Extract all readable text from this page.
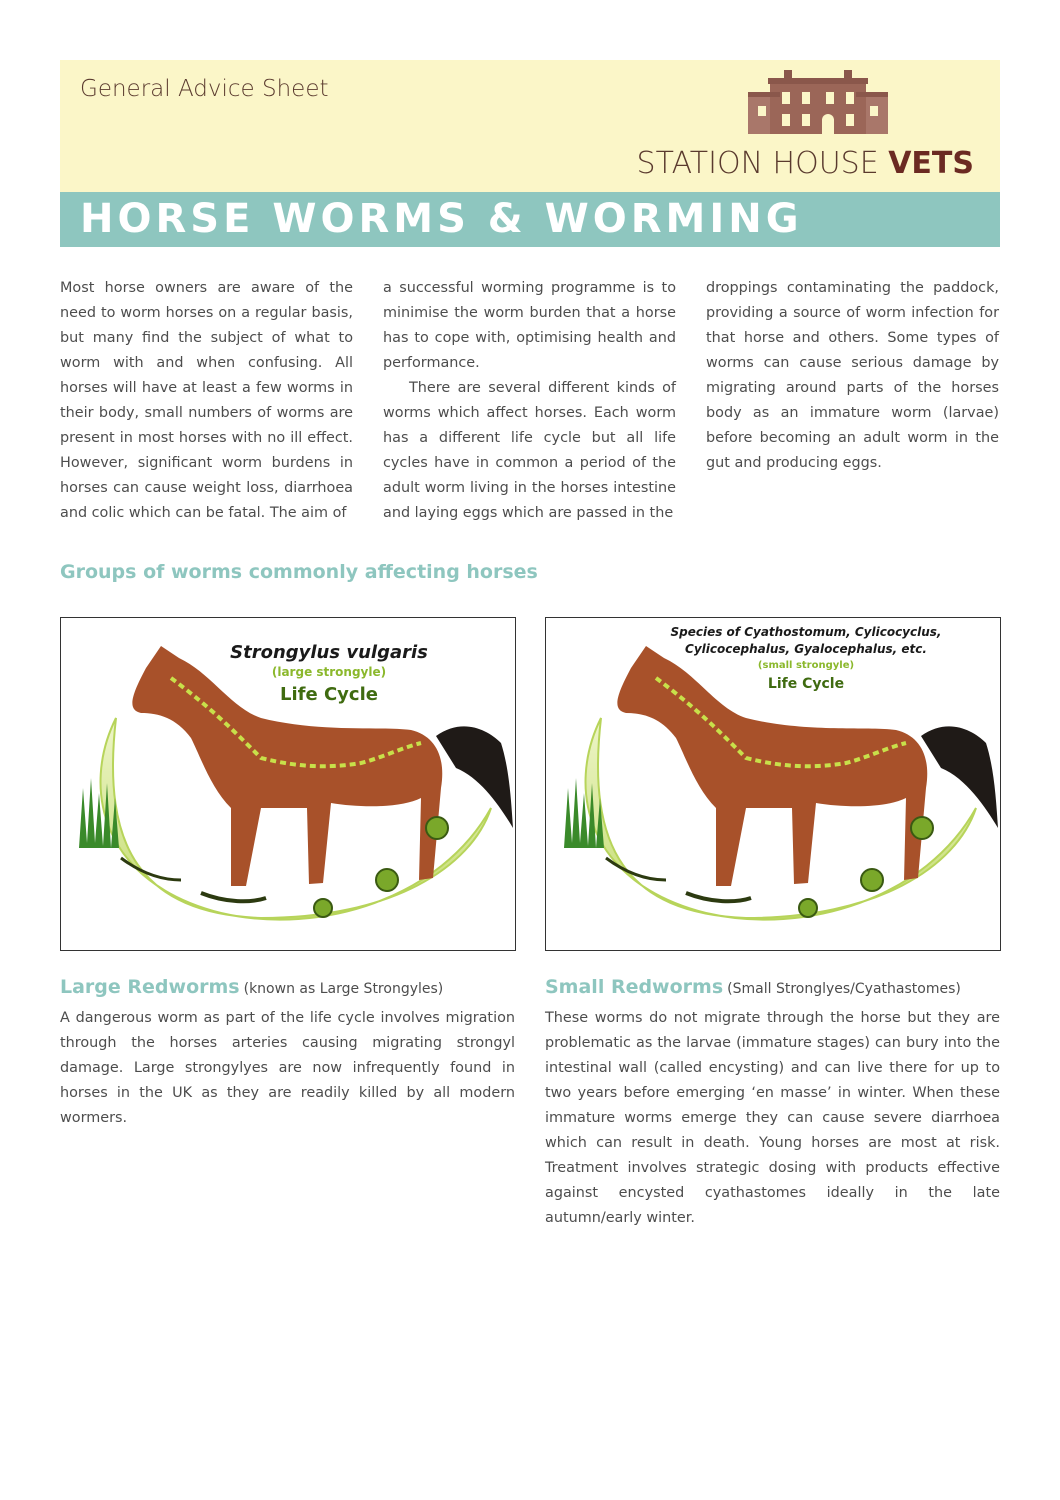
General Advice Sheet
STATION HOUSE VETS
HORSE WORMS & WORMING

Most horse owners are aware of the need to worm horses on a regular basis, but many find the subject of what to worm with and when confusing. All horses will have at least a few worms in their body, small numbers of worms are present in most horses with no ill effect. However, significant worm burdens in horses can cause weight loss, diarrhoea and colic which can be fatal. The aim of

a successful worming programme is to minimise the worm burden that a horse has to cope with, optimising health and performance.

There are several different kinds of worms which affect horses. Each worm has a different life cycle but all life cycles have in common a period of the adult worm living in the horses intestine and laying eggs which are passed in the

droppings contaminating the paddock, providing a source of worm infection for that horse and others. Some types of worms can cause serious damage by migrating around parts of the horses body as an immature worm (larvae) before becoming an adult worm in the gut and producing eggs.

Groups of worms commonly affecting horses
Strongylus vulgaris
(large strongyle)
Life Cycle
Species of Cyathostomum, Cylicocyclus,
Cylicocephalus, Gyalocephalus, etc.
(small strongyle)
Life Cycle
Large Redworms (known as Large Strongyles)

A dangerous worm as part of the life cycle involves migration through the horses arteries causing migrating strongyl damage. Large strongylyes are now infrequently found in horses in the UK as they are readily killed by all modern wormers.

Small Redworms (Small Stronglyes/Cyathastomes)

These worms do not migrate through the horse but they are problematic as the larvae (immature stages) can bury into the intestinal wall (called encysting) and can live there for up to two years before emerging ‘en masse’ in winter. When these immature worms emerge they can cause severe diarrhoea which can result in death. Young horses are most at risk. Treatment involves strategic dosing with products effective against encysted cyathastomes ideally in the late autumn/early winter.
